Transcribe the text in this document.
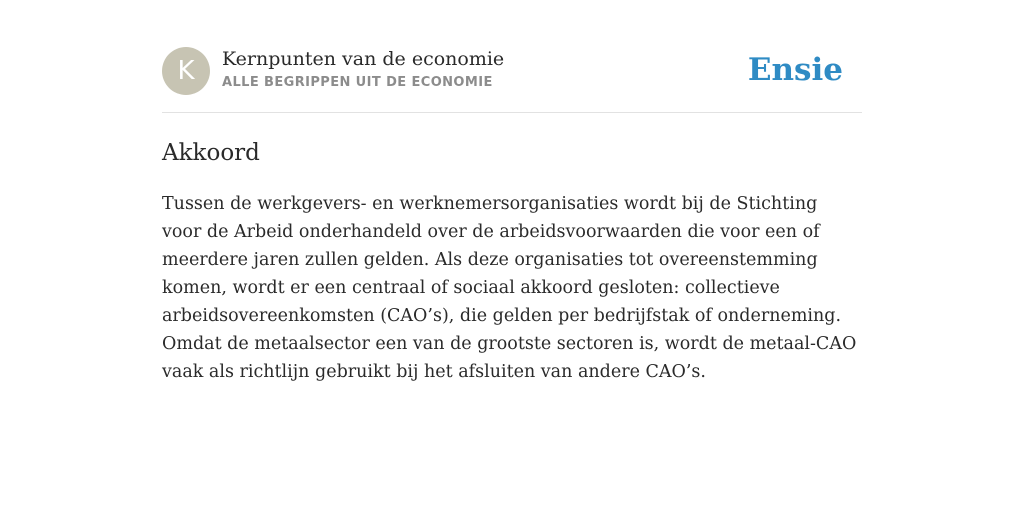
K	Kernpunten van de economie
ALLE BEGRIPPEN UIT DE ECONOMIE	Ensie
Akkoord

Tussen de werkgevers- en werknemersorganisaties wordt bij de Stichting voor de Arbeid onderhandeld over de arbeidsvoorwaarden die voor een of meerdere jaren zullen gelden. Als deze organisaties tot overeenstemming komen, wordt er een centraal of sociaal akkoord gesloten: collectieve arbeidsovereenkomsten (CAO’s), die gelden per bedrijfstak of onderneming. Omdat de metaalsector een van de grootste sectoren is, wordt de metaal-CAO vaak als richtlijn gebruikt bij het afsluiten van andere CAO’s.
